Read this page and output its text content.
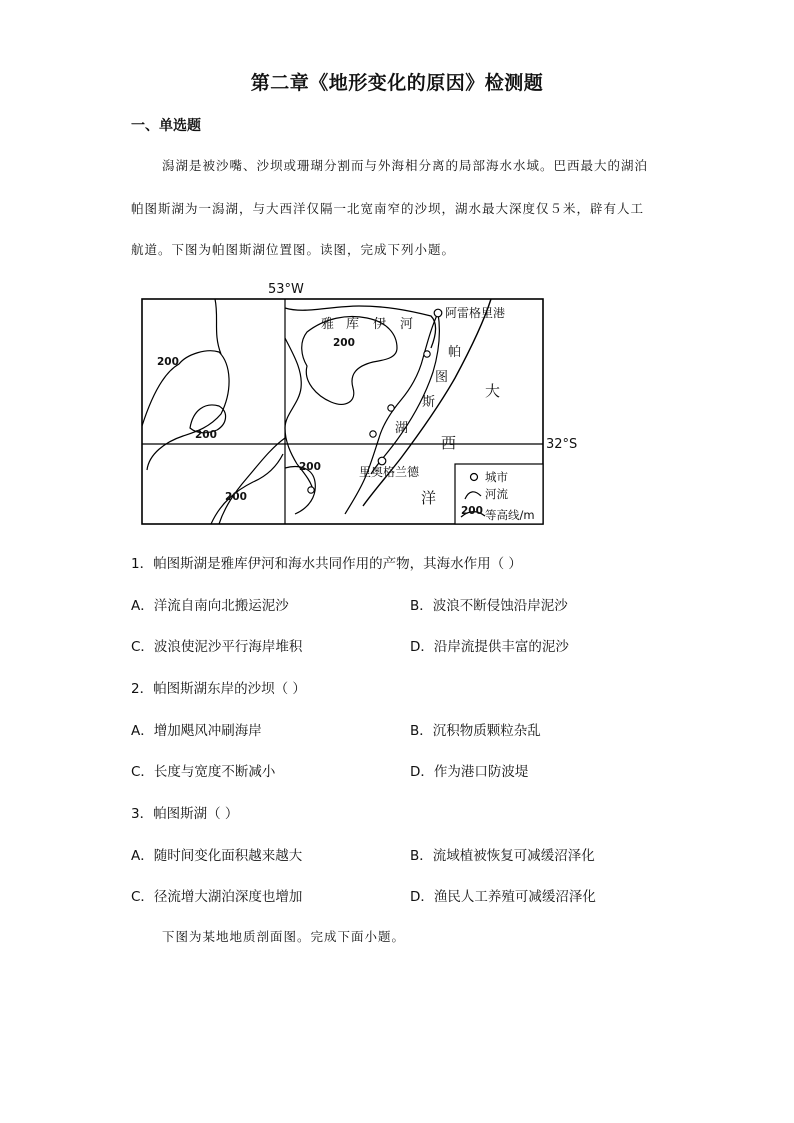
第二章《地形变化的原因》检测题
一、单选题
潟湖是被沙嘴、沙坝或珊瑚分割而与外海相分离的局部海水水域。巴西最大的湖泊
帕图斯湖为一潟湖，与大西洋仅隔一北宽南窄的沙坝，湖水最大深度仅５米，辟有人工
航道。下图为帕图斯湖位置图。读图，完成下列小题。
53°W
32°S
雅 库 伊 河
阿雷格里港
里奥格兰德
帕
图
斯
湖
大
西
洋
200
200
200
200
200
城市
河流
200 等高线/m
1．帕图斯湖是雅库伊河和海水共同作用的产物，其海水作用（ ）
A．洋流自南向北搬运泥沙	B．波浪不断侵蚀沿岸泥沙
C．波浪使泥沙平行海岸堆积	D．沿岸流提供丰富的泥沙
2．帕图斯湖东岸的沙坝（ ）
A．增加飓风冲刷海岸	B．沉积物质颗粒杂乱
C．长度与宽度不断减小	D．作为港口防波堤
3．帕图斯湖（ ）
A．随时间变化面积越来越大	B．流域植被恢复可减缓沼泽化
C．径流增大湖泊深度也增加	D．渔民人工养殖可减缓沼泽化
下图为某地地质剖面图。完成下面小题。
